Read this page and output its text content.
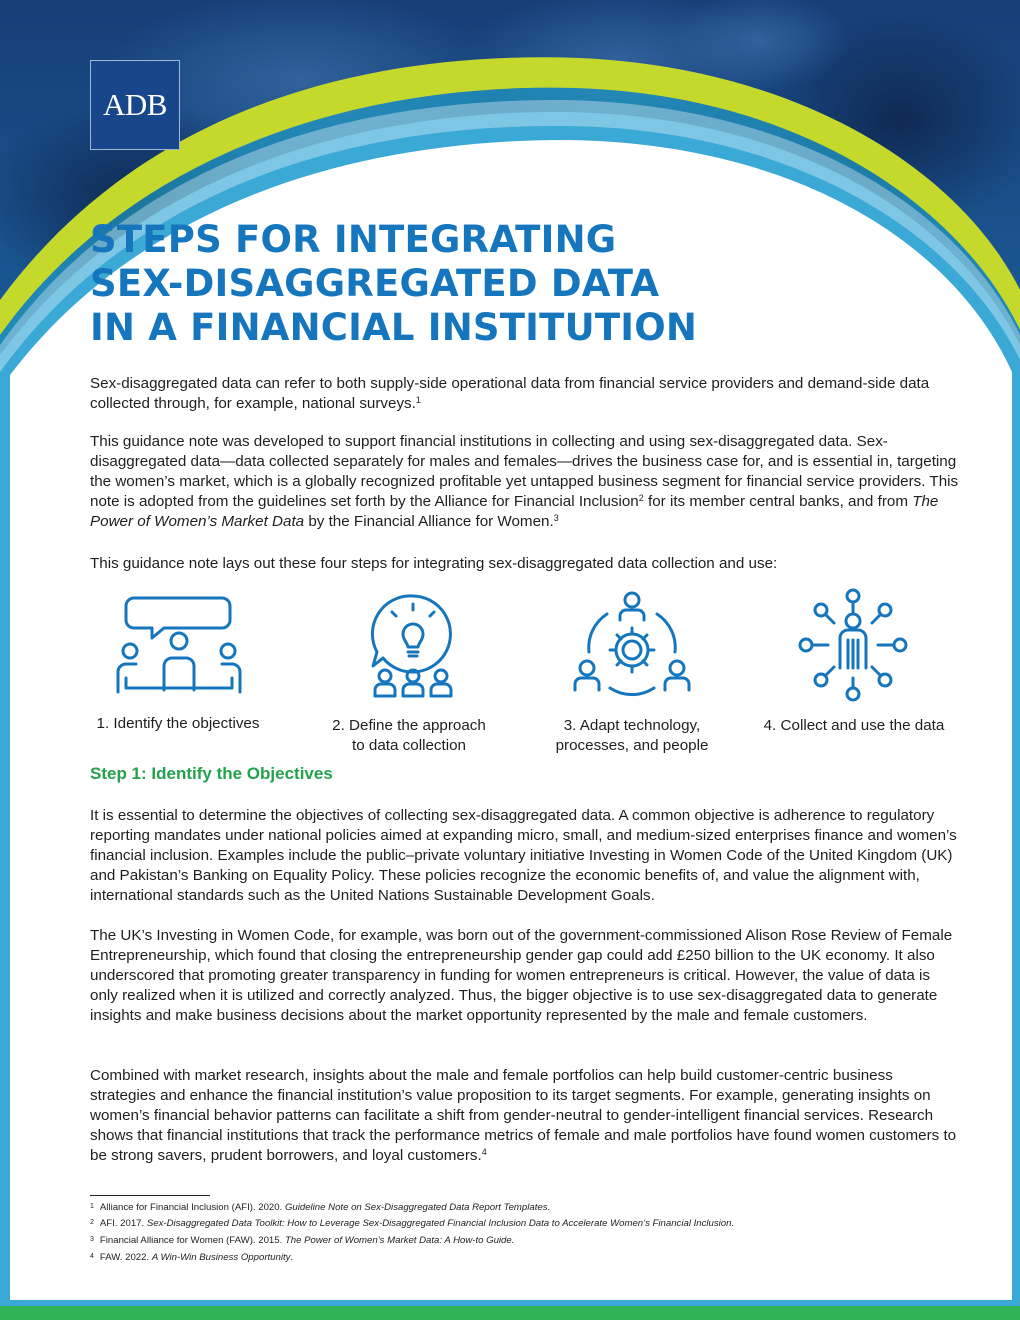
ADB
STEPS FOR INTEGRATING
SEX-DISAGGREGATED DATA
IN A FINANCIAL INSTITUTION

Sex-disaggregated data can refer to both supply-side operational data from financial service providers and demand-side data collected through, for example, national surveys.$^1$

This guidance note was developed to support financial institutions in collecting and using sex-disaggregated data. Sex-disaggregated data—data collected separately for males and females—drives the business case for, and is essential in, targeting the women’s market, which is a globally recognized profitable yet untapped business segment for financial service providers. This note is adopted from the guidelines set forth by the Alliance for Financial Inclusion$^2$ for its member central banks, and from The Power of Women’s Market Data by the Financial Alliance for Women.$^3$

This guidance note lays out these four steps for integrating sex-disaggregated data collection and use:

1. Identify the objectives	2. Define the approach
to data collection
3. Adapt technology,
processes, and people
4. Collect and use the data
Step 1: Identify the Objectives

It is essential to determine the objectives of collecting sex-disaggregated data. A common objective is adherence to regulatory reporting mandates under national policies aimed at expanding micro, small, and medium-sized enterprises finance and women’s financial inclusion. Examples include the public–private voluntary initiative Investing in Women Code of the United Kingdom (UK) and Pakistan’s Banking on Equality Policy. These policies recognize the economic benefits of, and value the alignment with, international standards such as the United Nations Sustainable Development Goals.

The UK’s Investing in Women Code, for example, was born out of the government-commissioned Alison Rose Review of Female Entrepreneurship, which found that closing the entrepreneurship gender gap could add £250 billion to the UK economy. It also underscored that promoting greater transparency in funding for women entrepreneurs is critical. However, the value of data is only realized when it is utilized and correctly analyzed. Thus, the bigger objective is to use sex-disaggregated data to generate insights and make business decisions about the market opportunity represented by the male and female customers.

Combined with market research, insights about the male and female portfolios can help build customer-centric business strategies and enhance the financial institution’s value proposition to its target segments. For example, generating insights on women’s financial behavior patterns can facilitate a shift from gender-neutral to gender-intelligent financial services. Research shows that financial institutions that track the performance metrics of female and male portfolios have found women customers to be strong savers, prudent borrowers, and loyal customers.$^4$

$^1$ Alliance for Financial Inclusion (AFI). 2020. Guideline Note on Sex-Disaggregated Data Report Templates.
$^2$ AFI. 2017. Sex-Disaggregated Data Toolkit: How to Leverage Sex-Disaggregated Financial Inclusion Data to Accelerate Women’s Financial Inclusion.
$^3$ Financial Alliance for Women (FAW). 2015. The Power of Women’s Market Data: A How-to Guide.
$^4$ FAW. 2022. A Win-Win Business Opportunity.
